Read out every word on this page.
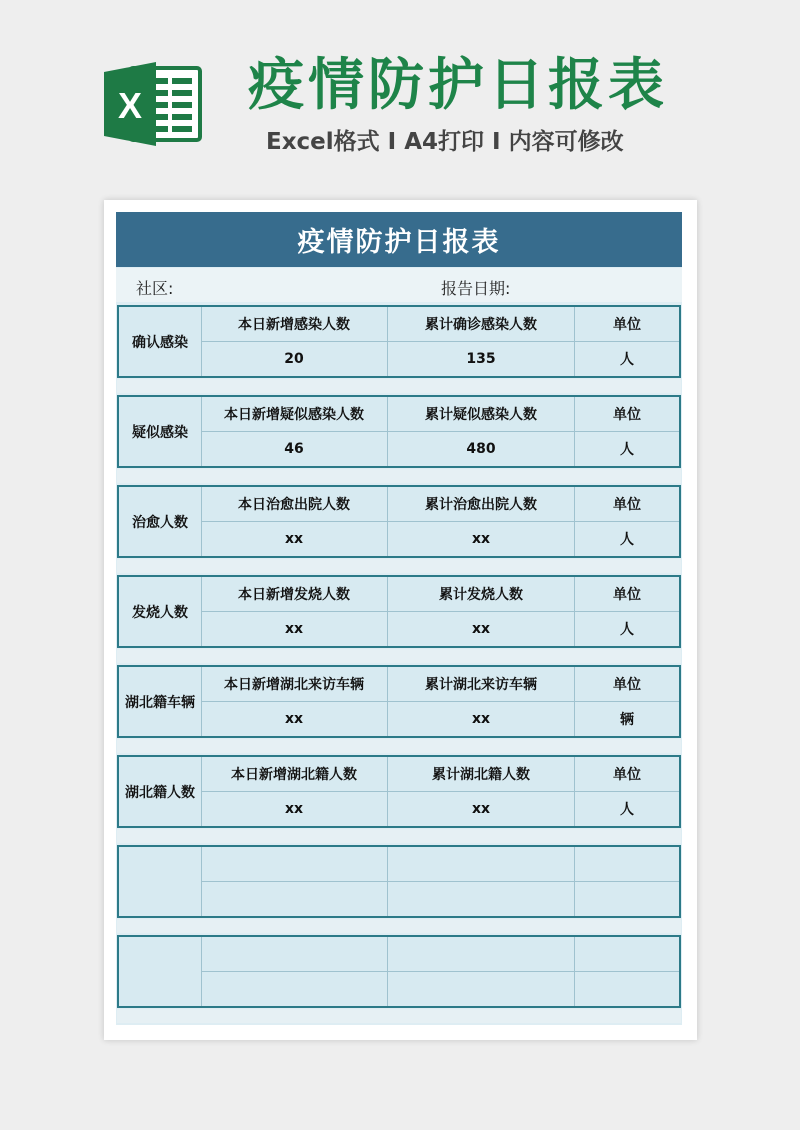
X 疫情防护日报表
Excel格式 I A4打印 I 内容可修改
疫情防护日报表
社区:	报告日期:
确认感染
本日新增感染人数	累计确诊感染人数	单位
20	135	人
疑似感染
本日新增疑似感染人数	累计疑似感染人数	单位
46	480	人
治愈人数
本日治愈出院人数	累计治愈出院人数	单位
xx	xx	人
发烧人数
本日新增发烧人数	累计发烧人数	单位
xx	xx	人
湖北籍车辆
本日新增湖北来访车辆	累计湖北来访车辆	单位
xx	xx	辆
湖北籍人数
本日新增湖北籍人数	累计湖北籍人数	单位
xx	xx	人
